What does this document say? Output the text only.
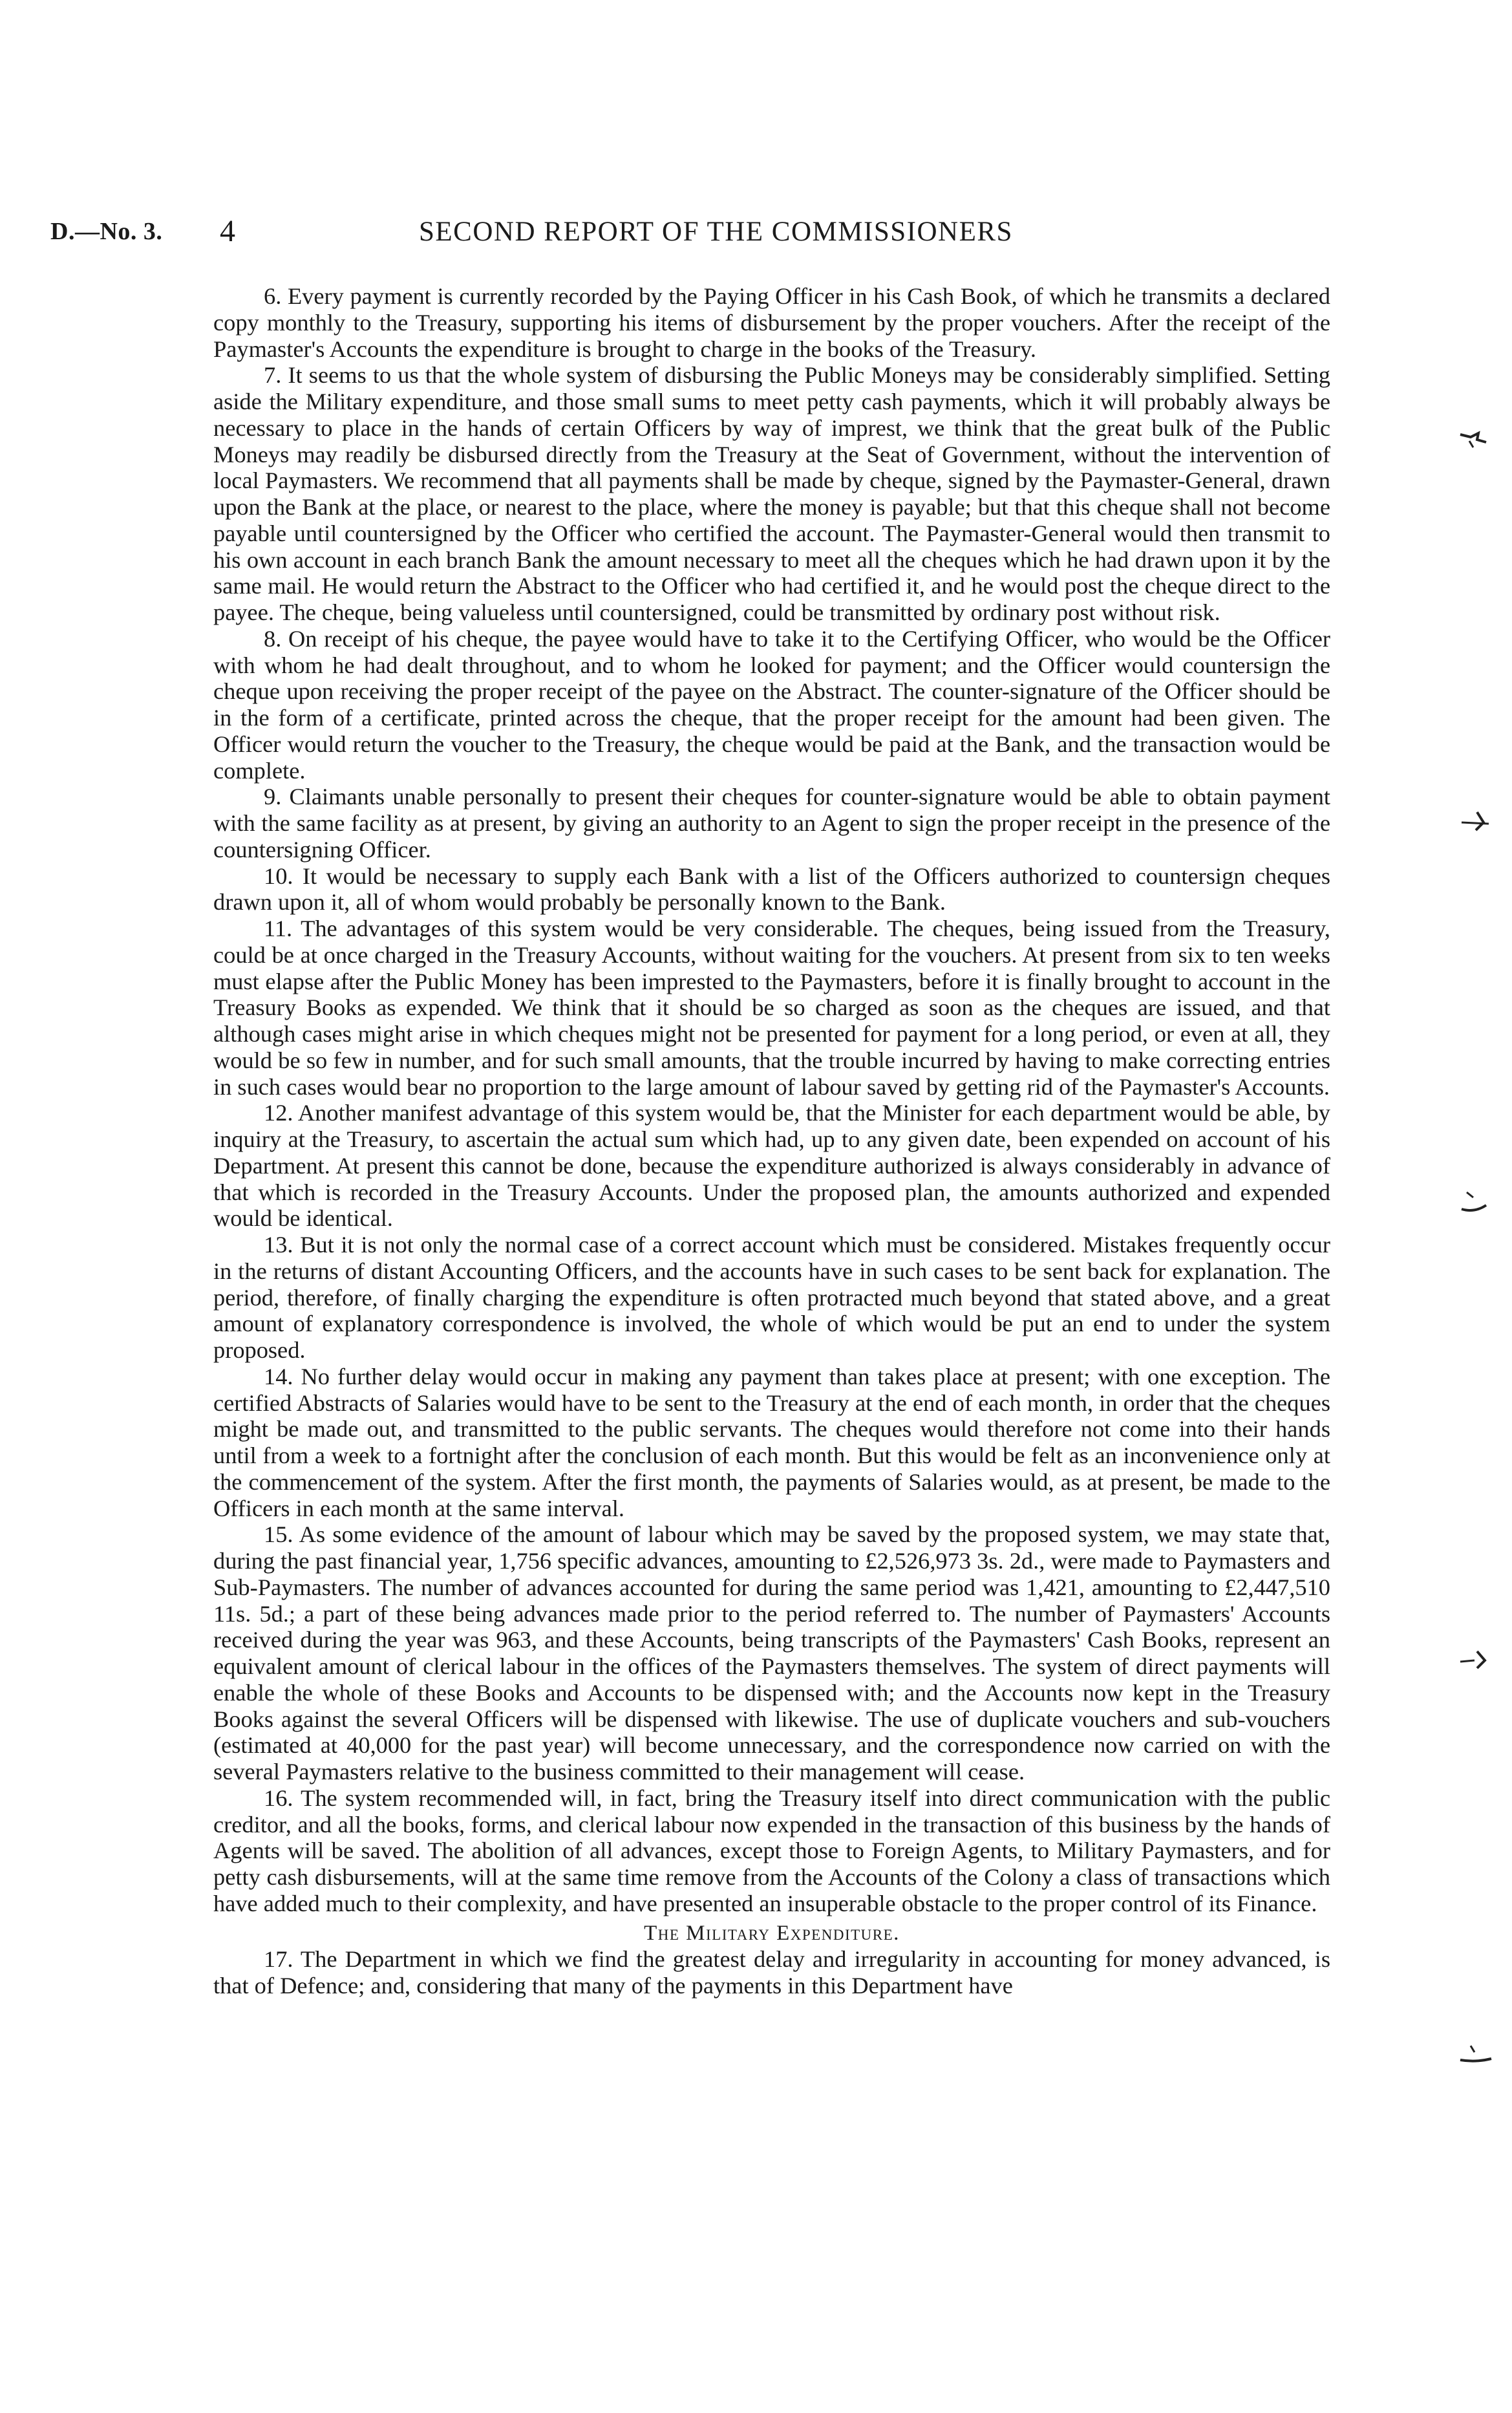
D.—No. 3. 4	SECOND REPORT OF THE COMMISSIONERS

6. Every payment is currently recorded by the Paying Officer in his Cash Book, of which he transmits a declared copy monthly to the Treasury, supporting his items of disbursement by the proper vouchers. After the receipt of the Paymaster's Accounts the expenditure is brought to charge in the books of the Treasury.

7. It seems to us that the whole system of disbursing the Public Moneys may be considerably simplified. Setting aside the Military expenditure, and those small sums to meet petty cash payments, which it will probably always be necessary to place in the hands of certain Officers by way of imprest, we think that the great bulk of the Public Moneys may readily be disbursed directly from the Treasury at the Seat of Government, without the intervention of local Paymasters. We recommend that all payments shall be made by cheque, signed by the Paymaster-General, drawn upon the Bank at the place, or nearest to the place, where the money is payable; but that this cheque shall not become payable until countersigned by the Officer who certified the account. The Paymaster-General would then transmit to his own account in each branch Bank the amount necessary to meet all the cheques which he had drawn upon it by the same mail. He would return the Abstract to the Officer who had certified it, and he would post the cheque direct to the payee. The cheque, being valueless until countersigned, could be transmitted by ordinary post without risk.

8. On receipt of his cheque, the payee would have to take it to the Certifying Officer, who would be the Officer with whom he had dealt throughout, and to whom he looked for payment; and the Officer would countersign the cheque upon receiving the proper receipt of the payee on the Abstract. The counter-signature of the Officer should be in the form of a certificate, printed across the cheque, that the proper receipt for the amount had been given. The Officer would return the voucher to the Treasury, the cheque would be paid at the Bank, and the transaction would be complete.

9. Claimants unable personally to present their cheques for counter-signature would be able to obtain payment with the same facility as at present, by giving an authority to an Agent to sign the proper receipt in the presence of the countersigning Officer.

10. It would be necessary to supply each Bank with a list of the Officers authorized to countersign cheques drawn upon it, all of whom would probably be personally known to the Bank.

11. The advantages of this system would be very considerable. The cheques, being issued from the Treasury, could be at once charged in the Treasury Accounts, without waiting for the vouchers. At present from six to ten weeks must elapse after the Public Money has been imprested to the Paymasters, before it is finally brought to account in the Treasury Books as expended. We think that it should be so charged as soon as the cheques are issued, and that although cases might arise in which cheques might not be presented for payment for a long period, or even at all, they would be so few in number, and for such small amounts, that the trouble incurred by having to make correcting entries in such cases would bear no proportion to the large amount of labour saved by getting rid of the Paymaster's Accounts.

12. Another manifest advantage of this system would be, that the Minister for each department would be able, by inquiry at the Treasury, to ascertain the actual sum which had, up to any given date, been expended on account of his Department. At present this cannot be done, because the expenditure authorized is always considerably in advance of that which is recorded in the Treasury Accounts. Under the proposed plan, the amounts authorized and expended would be identical.

13. But it is not only the normal case of a correct account which must be considered. Mistakes frequently occur in the returns of distant Accounting Officers, and the accounts have in such cases to be sent back for explanation. The period, therefore, of finally charging the expenditure is often protracted much beyond that stated above, and a great amount of explanatory correspondence is involved, the whole of which would be put an end to under the system proposed.

14. No further delay would occur in making any payment than takes place at present; with one exception. The certified Abstracts of Salaries would have to be sent to the Treasury at the end of each month, in order that the cheques might be made out, and transmitted to the public servants. The cheques would therefore not come into their hands until from a week to a fortnight after the conclusion of each month. But this would be felt as an inconvenience only at the commencement of the system. After the first month, the payments of Salaries would, as at present, be made to the Officers in each month at the same interval.

15. As some evidence of the amount of labour which may be saved by the proposed system, we may state that, during the past financial year, 1,756 specific advances, amounting to £2,526,973 3s. 2d., were made to Paymasters and Sub-Paymasters. The number of advances accounted for during the same period was 1,421, amounting to £2,447,510 11s. 5d.; a part of these being advances made prior to the period referred to. The number of Paymasters' Accounts received during the year was 963, and these Accounts, being transcripts of the Paymasters' Cash Books, represent an equivalent amount of clerical labour in the offices of the Paymasters themselves. The system of direct payments will enable the whole of these Books and Accounts to be dispensed with; and the Accounts now kept in the Treasury Books against the several Officers will be dispensed with likewise. The use of duplicate vouchers and sub-vouchers (estimated at 40,000 for the past year) will become unnecessary, and the correspondence now carried on with the several Paymasters relative to the business committed to their management will cease.

16. The system recommended will, in fact, bring the Treasury itself into direct communication with the public creditor, and all the books, forms, and clerical labour now expended in the transaction of this business by the hands of Agents will be saved. The abolition of all advances, except those to Foreign Agents, to Military Paymasters, and for petty cash disbursements, will at the same time remove from the Accounts of the Colony a class of transactions which have added much to their complexity, and have presented an insuperable obstacle to the proper control of its Finance.

The Military Expenditure.

17. The Department in which we find the greatest delay and irregularity in accounting for money advanced, is that of Defence; and, considering that many of the payments in this Department have
